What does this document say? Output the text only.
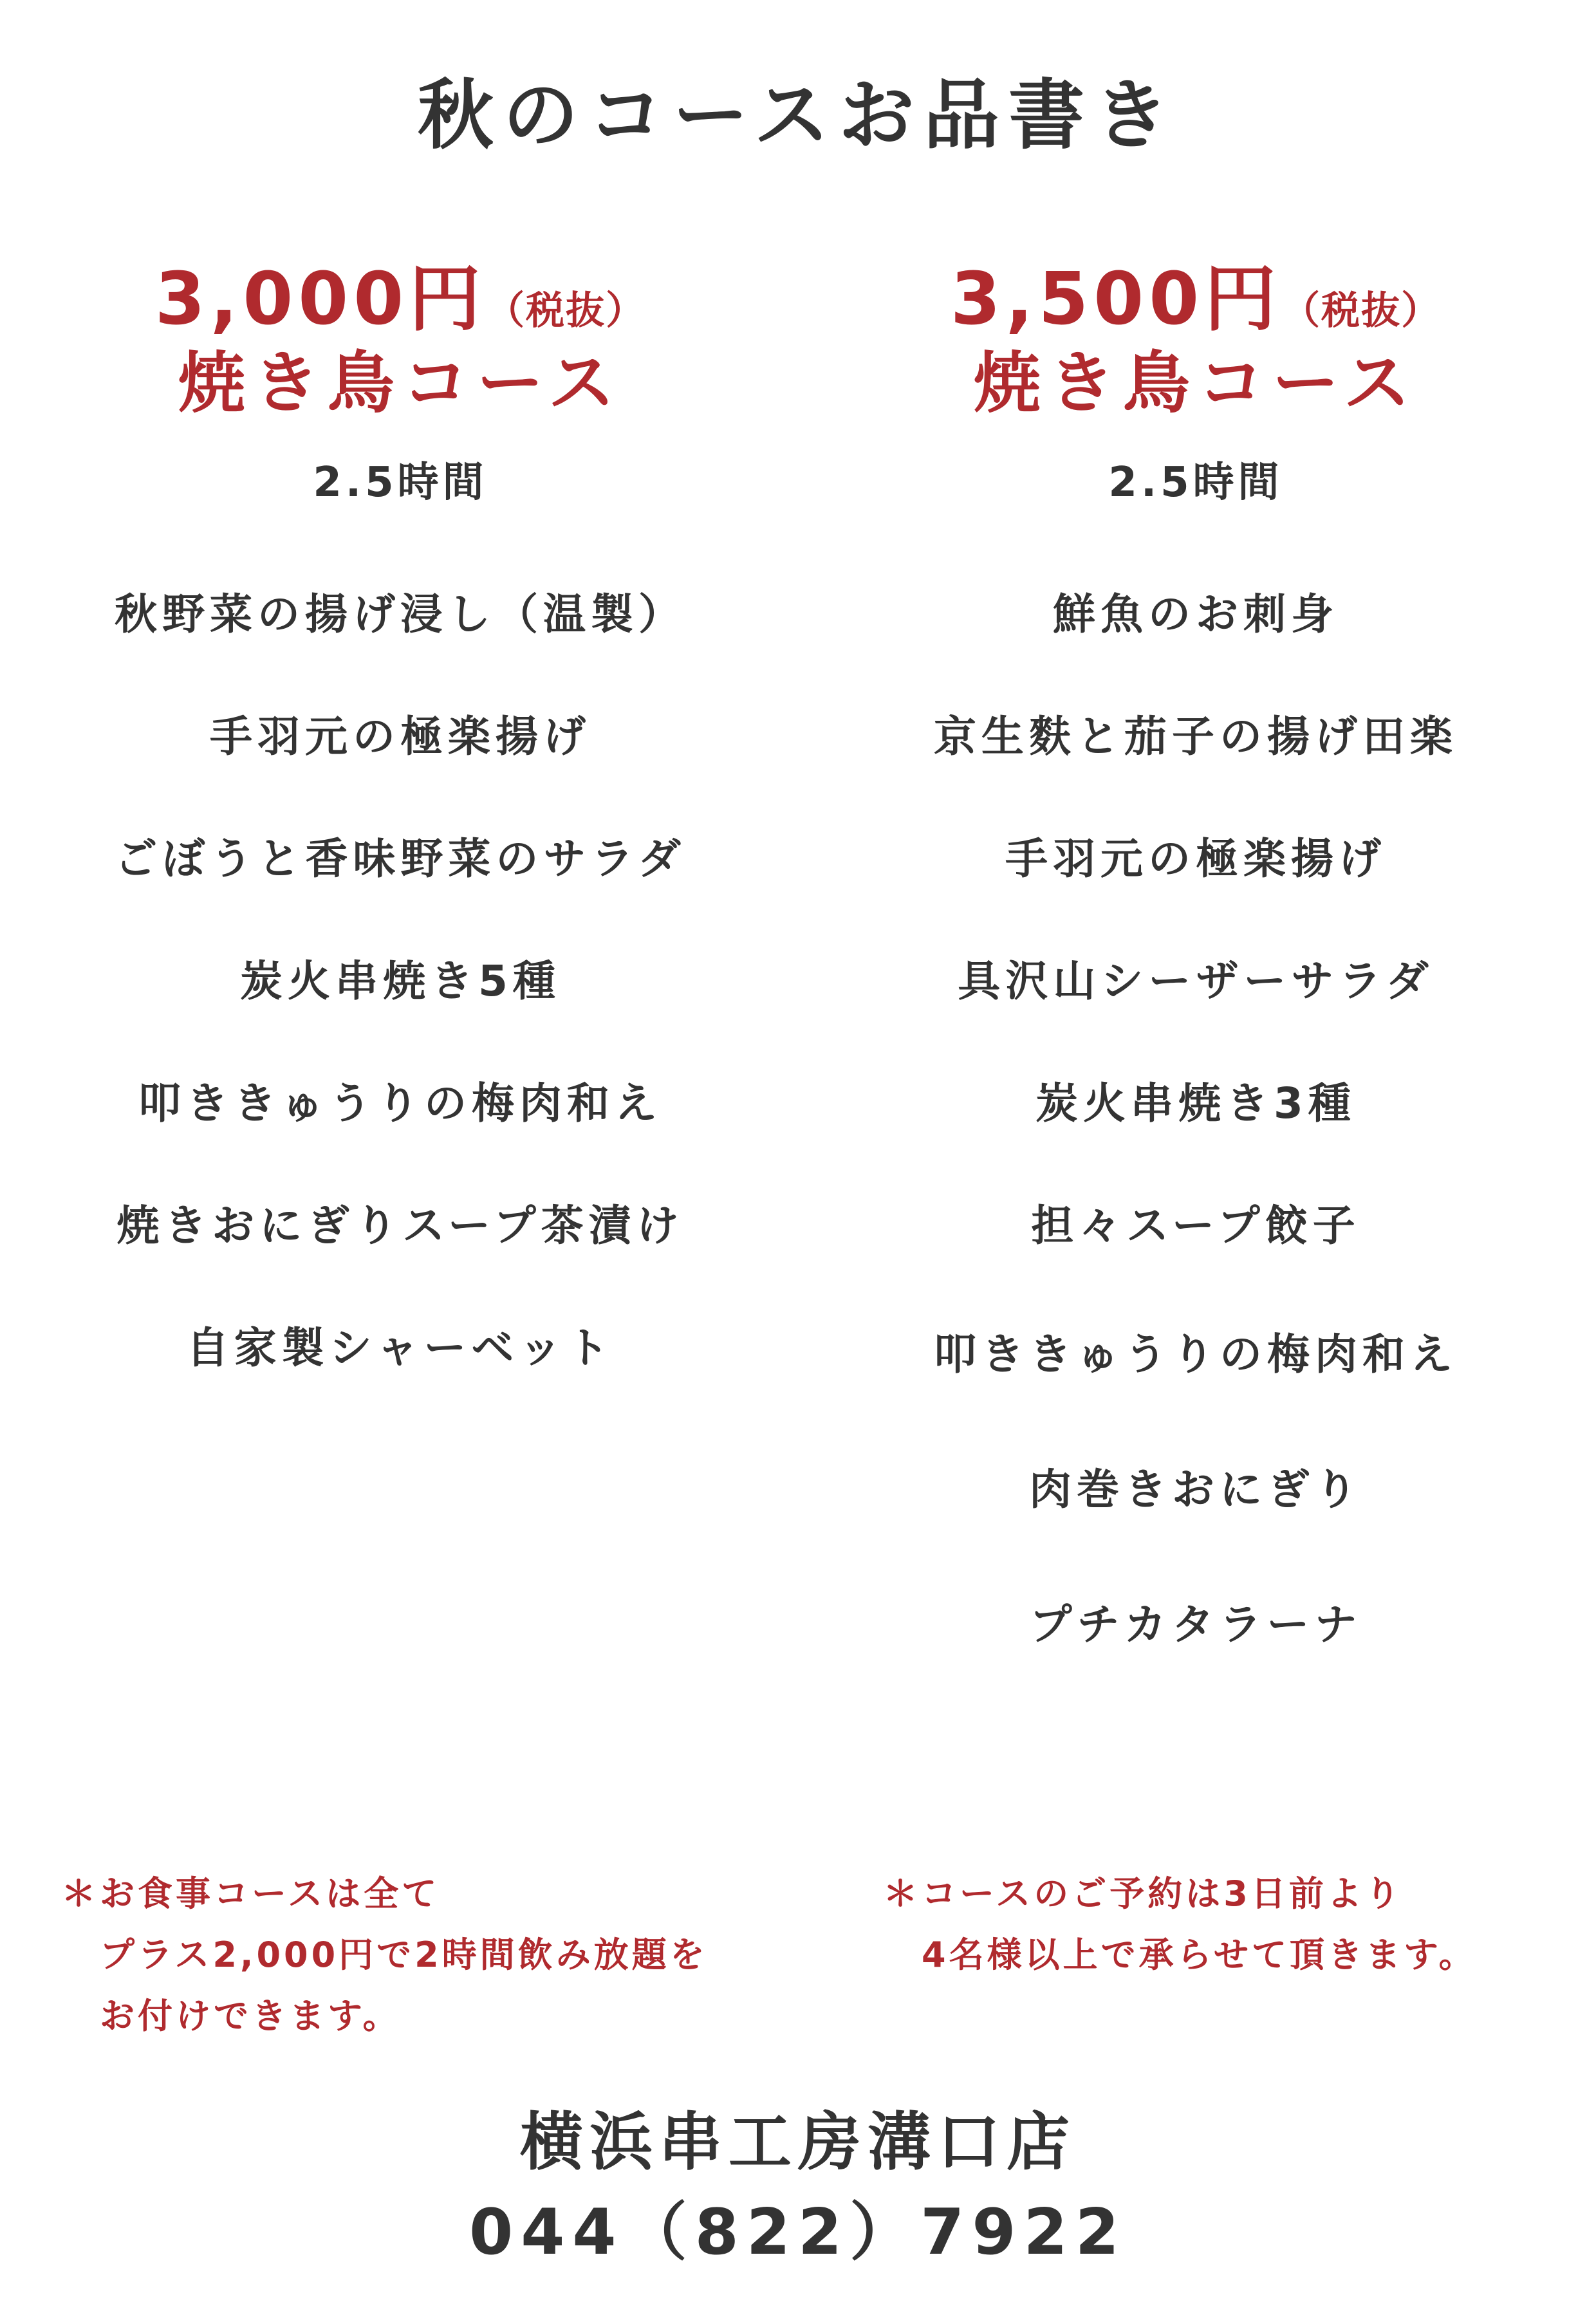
秋のコースお品書き
3,000円（税抜）
焼き鳥コース
2.5時間
秋野菜の揚げ浸し（温製）
手羽元の極楽揚げ
ごぼうと香味野菜のサラダ
炭火串焼き5種
叩ききゅうりの梅肉和え
焼きおにぎりスープ茶漬け
自家製シャーベット
3,500円（税抜）
焼き鳥コース
2.5時間
鮮魚のお刺身
京生麩と茄子の揚げ田楽
手羽元の極楽揚げ
具沢山シーザーサラダ
炭火串焼き3種
担々スープ餃子
叩ききゅうりの梅肉和え
肉巻きおにぎり
プチカタラーナ
＊お食事コースは全て
プラス2,000円で2時間飲み放題を
お付けできます。
＊コースのご予約は3日前より
4名様以上で承らせて頂きます。
横浜串工房溝口店
044（822）7922
